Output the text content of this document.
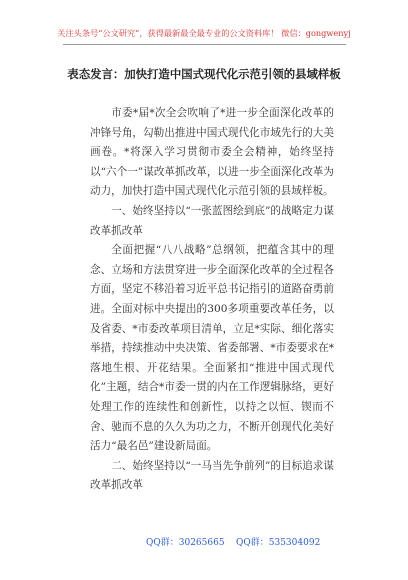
关注头条号“公文研究”，获得最新最全最专业的公文资料库！ 微信：gongwenyj
表态发言：加快打造中国式现代化示范引领的县域样板

市委*届*次全会吹响了*进一步全面深化改革的冲锋号角，勾勒出推进中国式现代化市域先行的大美画卷。*将深入学习贯彻市委全会精神，始终坚持以“六个一”谋改革抓改革，以进一步全面深化改革为动力，加快打造中国式现代化示范引领的县域样板。

一、始终坚持以“一张蓝图绘到底”的战略定力谋改革抓改革

全面把握“八八战略”总纲领，把蕴含其中的理念、立场和方法贯穿进一步全面深化改革的全过程各方面，坚定不移沿着习近平总书记指引的道路奋勇前进。全面对标中央提出的300多项重要改革任务，以及省委、*市委改革项目清单，立足*实际、细化落实举措，持续推动中央决策、省委部署、*市委要求在*落地生根、开花结果。全面紧扣“推进中国式现代化”主题，结合*市委一贯的内在工作逻辑脉络，更好处理工作的连续性和创新性，以持之以恒、锲而不舍、驰而不息的久久为功之力，不断开创现代化美好活力“最名邑”建设新局面。

二、始终坚持以“一马当先争前列”的目标追求谋改革抓改革

QQ群：30265665 QQ群：535304092
